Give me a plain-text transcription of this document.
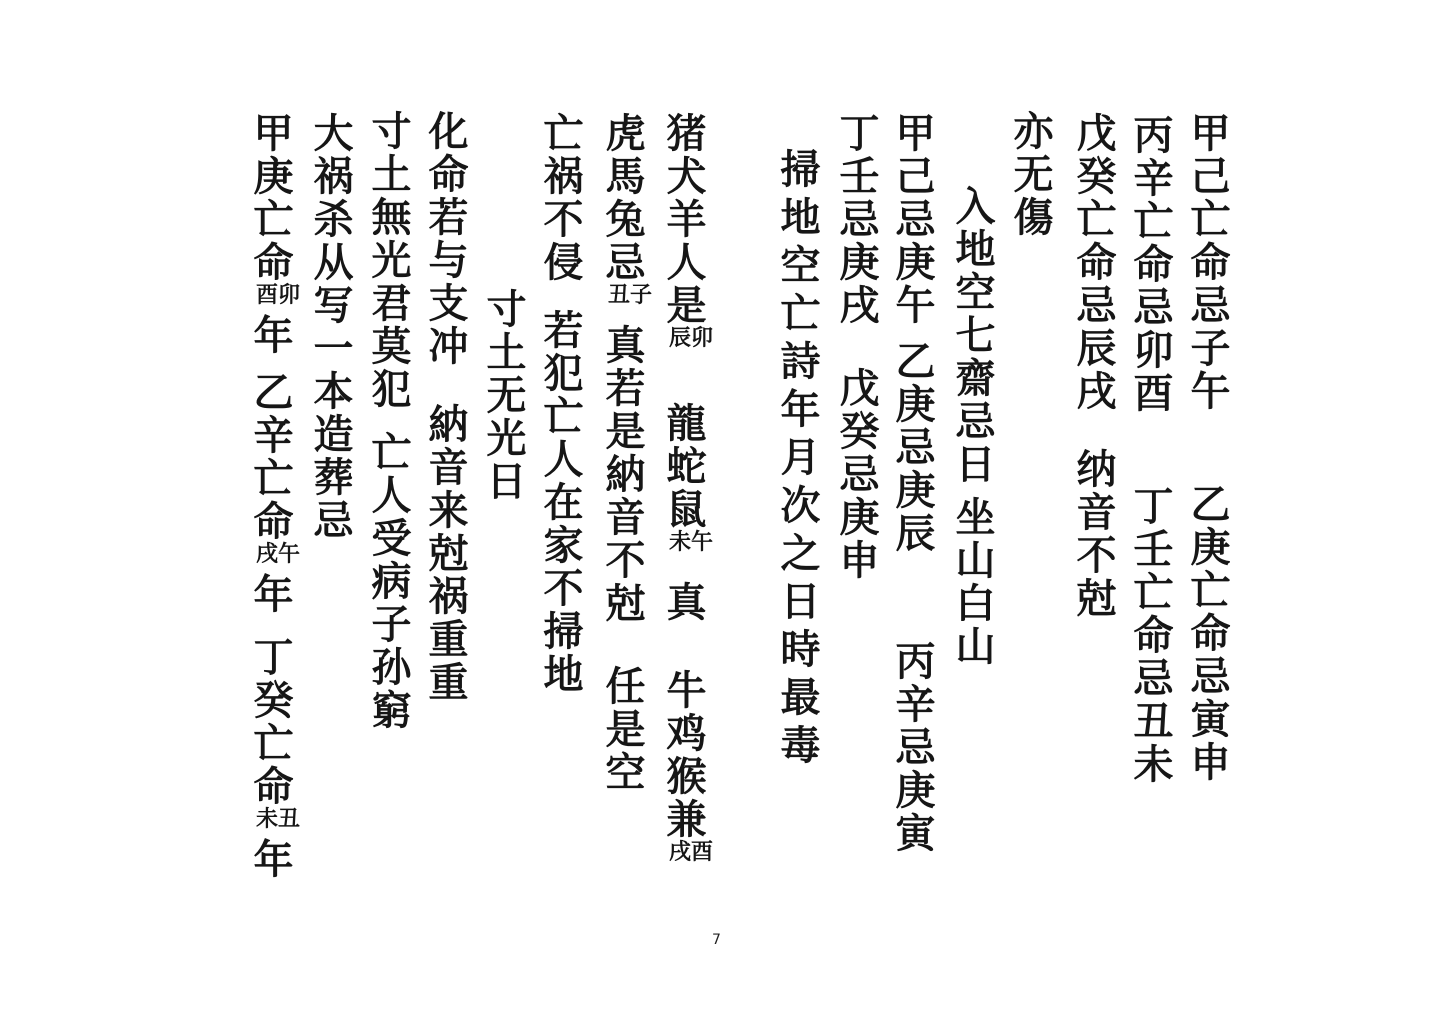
甲己亡命忌子午乙庚亡命忌寅申
丙辛亡命忌卯酉丁壬亡命忌丑未
戊癸亡命忌辰戌纳音不尅
亦无傷
入地空七齋忌日坐山白山
甲己忌庚午乙庚忌庚辰丙辛忌庚寅
丁壬忌庚戌戊癸忌庚申
掃地空亡詩年月次之日時最毒
猪犬羊人是
卯
辰
龍蛇鼠
午
未
真牛鸡猴兼
酉
戌
虎馬兔忌
子
丑
真若是納音不尅任是空
亡祸不侵若犯亡人在家不掃地
寸土无光日
化命若与支冲納音来尅祸重重
寸土無光君莫犯亡人受病子孙窮
大祸杀从写一本造葬忌
甲庚亡命
卯
酉
年乙辛亡命
午
戌
年丁癸亡命
丑
未
年
7
